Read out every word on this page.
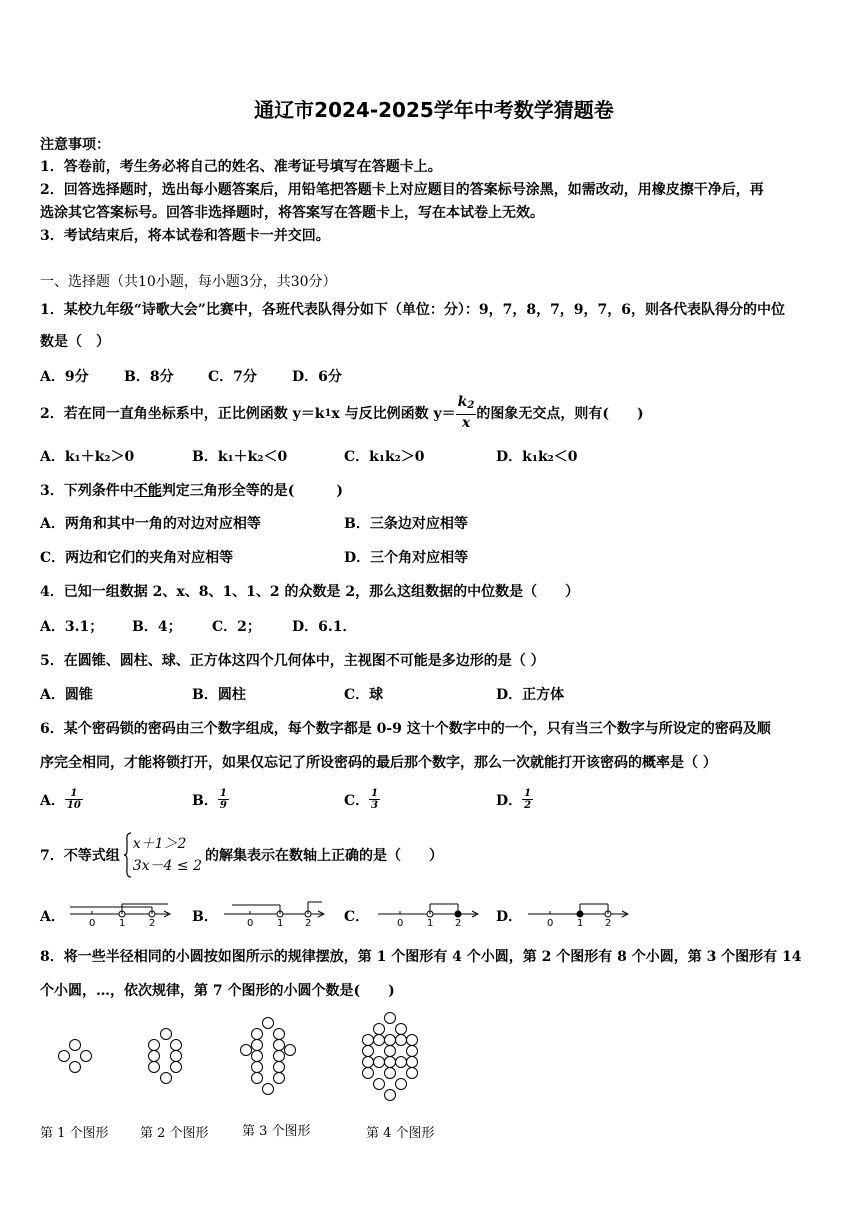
通辽市2024-2025学年中考数学猜题卷
注意事项：
1．答卷前，考生务必将自己的姓名、准考证号填写在答题卡上。
2．回答选择题时，选出每小题答案后，用铅笔把答题卡上对应题目的答案标号涂黑，如需改动，用橡皮擦干净后，再
选涂其它答案标号。回答非选择题时，将答案写在答题卡上，写在本试卷上无效。
3．考试结束后，将本试卷和答题卡一并交回。
一、选择题（共10小题，每小题3分，共30分）
1．某校九年级“诗歌大会”比赛中，各班代表队得分如下（单位：分）：9，7，8，7，9，7，6，则各代表队得分的中位
数是（　）
A．9分	B．8分 C．7分	D．6分
2．若在同一直角坐标系中，正比例函数 y＝k 1 x 与反比例函数 $y= \frac{k_2}{x}$ 的图象无交点，则有(　　)
A．k₁＋k₂＞0	B．k₁＋k₂＜0	C．k₁k₂＞0	D．k₁k₂＜0
3．下列条件中不能判定三角形全等的是(　　　)
A．两角和其中一角的对边对应相等	B．三条边对应相等
C．两边和它们的夹角对应相等	D．三个角对应相等
4．已知一组数据 2、x、8、1、1、2 的众数是 2，那么这组数据的中位数是（　　）
A．3.1； B．4； C．2； D．6.1．
5．在圆锥、圆柱、球、正方体这四个几何体中，主视图不可能是多边形的是（ ）
A．圆锥	B．圆柱	C．球	D．正方体
6．某个密码锁的密码由三个数字组成，每个数字都是 0-9 这十个数字中的一个，只有当三个数字与所设定的密码及顺
序完全相同，才能将锁打开，如果仅忘记了所设密码的最后那个数字，那么一次就能打开该密码的概率是（ ）
A． $\frac{1}{10}$	B． $\frac{1}{9}$	C． $\frac{1}{3}$	D． $\frac{1}{2}$
7．不等式组
x＋1＞2
3x－4 ≤ 2
的解集表示在数轴上正确的是（　　）
A． 0 1 2	B．	0 1 2 C．	0 1 2 D． 0 1 2
8．将一些半径相同的小圆按如图所示的规律摆放，第 1 个图形有 4 个小圆，第 2 个图形有 8 个小圆，第 3 个图形有 14
个小圆，…，依次规律，第 7 个图形的小圆个数是(　　)
第 1 个图形 第 2 个图形	第 3 个图形	第 4 个图形
